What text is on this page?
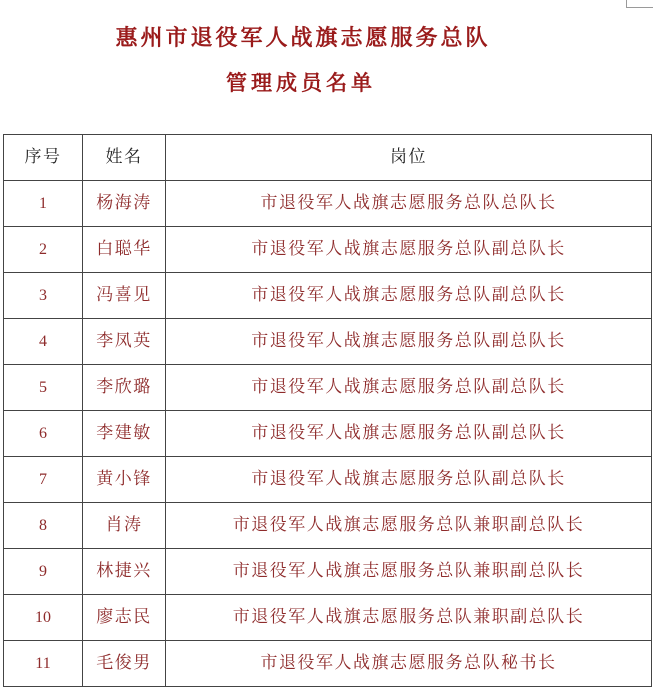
惠州市退役军人战旗志愿服务总队
管理成员名单
序号	姓名	岗位
1	杨海涛	市退役军人战旗志愿服务总队总队长
2	白聪华	市退役军人战旗志愿服务总队副总队长
3	冯喜见	市退役军人战旗志愿服务总队副总队长
4	李凤英	市退役军人战旗志愿服务总队副总队长
5	李欣璐	市退役军人战旗志愿服务总队副总队长
6	李建敏	市退役军人战旗志愿服务总队副总队长
7	黄小锋	市退役军人战旗志愿服务总队副总队长
8	肖涛	市退役军人战旗志愿服务总队兼职副总队长
9	林捷兴	市退役军人战旗志愿服务总队兼职副总队长
10	廖志民	市退役军人战旗志愿服务总队兼职副总队长
11	毛俊男	市退役军人战旗志愿服务总队秘书长
